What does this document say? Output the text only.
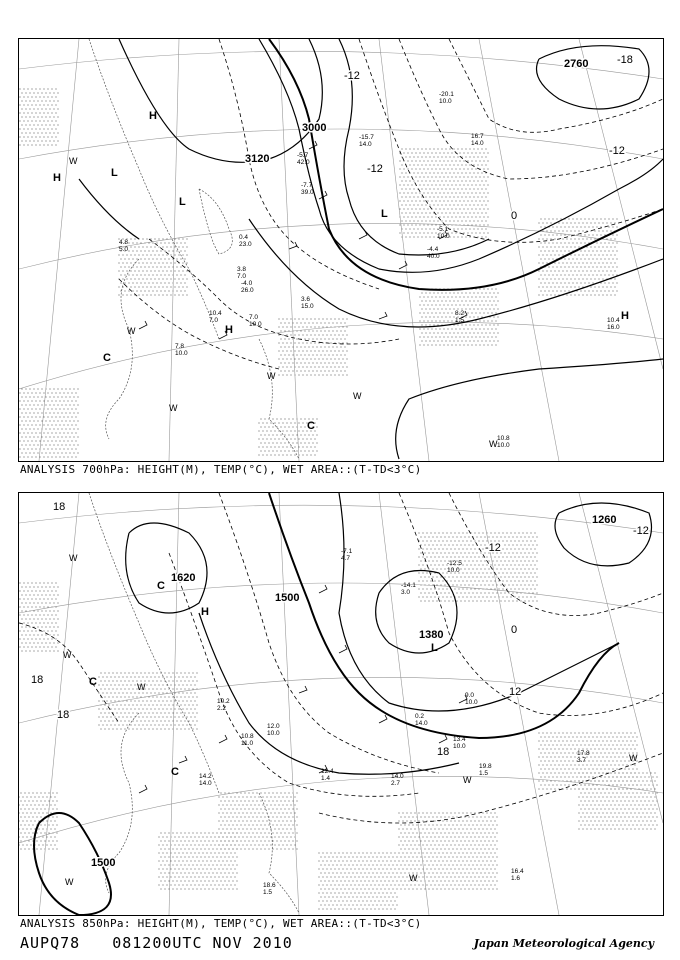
3000
3120
2760
-12
-12
0
-18
-12
H
H	L
L
L
H
H
C
C
W
W
W
W
W
W
-7.7
39.0
-5.7
42.0
0.4
23.0
3.8
7.0
-4.0
26.0
7.0
10.0
3.6
15.0
8.2
1.5	10.4
16.0
10.4
7.0
7.8
10.0
10.8
10.0
-15.7
14.0
-5.1
10.0
-20.1
10.0
16.7
14.0
4.8
5.0	-4.4
40.0
ANALYSIS 700hPa: HEIGHT(M), TEMP(°C), WET AREA::(T-TD<3°C)
1500
1620
1380
1260
1500
18
18
18
12
0
-12
18
-12
H
L
C
C
C
W
W
W
W	W
W
W
-7.1
4.7
-14.1
3.0
-12.5
10.0
0.2
14.0
14.0
2.7
19.8
1.5
17.8
3.7
16.4
1.6
12.4
1.4
13.4
10.0
14.2
14.0
10.2
2.2
12.0
10.0
9.0
10.0
10.8
11.0
18.6
1.5
ANALYSIS 850hPa: HEIGHT(M), TEMP(°C), WET AREA::(T-TD<3°C)
AUPQ78 081200UTC NOV 2010	Japan Meteorological Agency
